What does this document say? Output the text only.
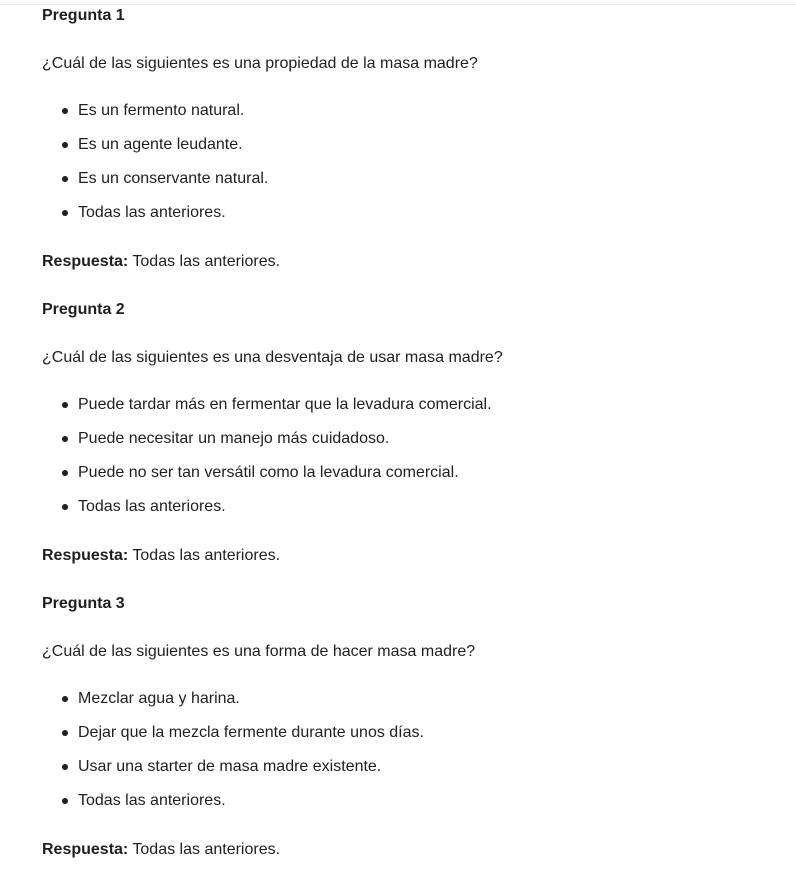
Pregunta 1
¿Cuál de las siguientes es una propiedad de la masa madre?
Es un fermento natural.
Es un agente leudante.
Es un conservante natural.
Todas las anteriores.
Respuesta: Todas las anteriores.
Pregunta 2
¿Cuál de las siguientes es una desventaja de usar masa madre?
Puede tardar más en fermentar que la levadura comercial.
Puede necesitar un manejo más cuidadoso.
Puede no ser tan versátil como la levadura comercial.
Todas las anteriores.
Respuesta: Todas las anteriores.
Pregunta 3
¿Cuál de las siguientes es una forma de hacer masa madre?
Mezclar agua y harina.
Dejar que la mezcla fermente durante unos días.
Usar una starter de masa madre existente.
Todas las anteriores.
Respuesta: Todas las anteriores.
